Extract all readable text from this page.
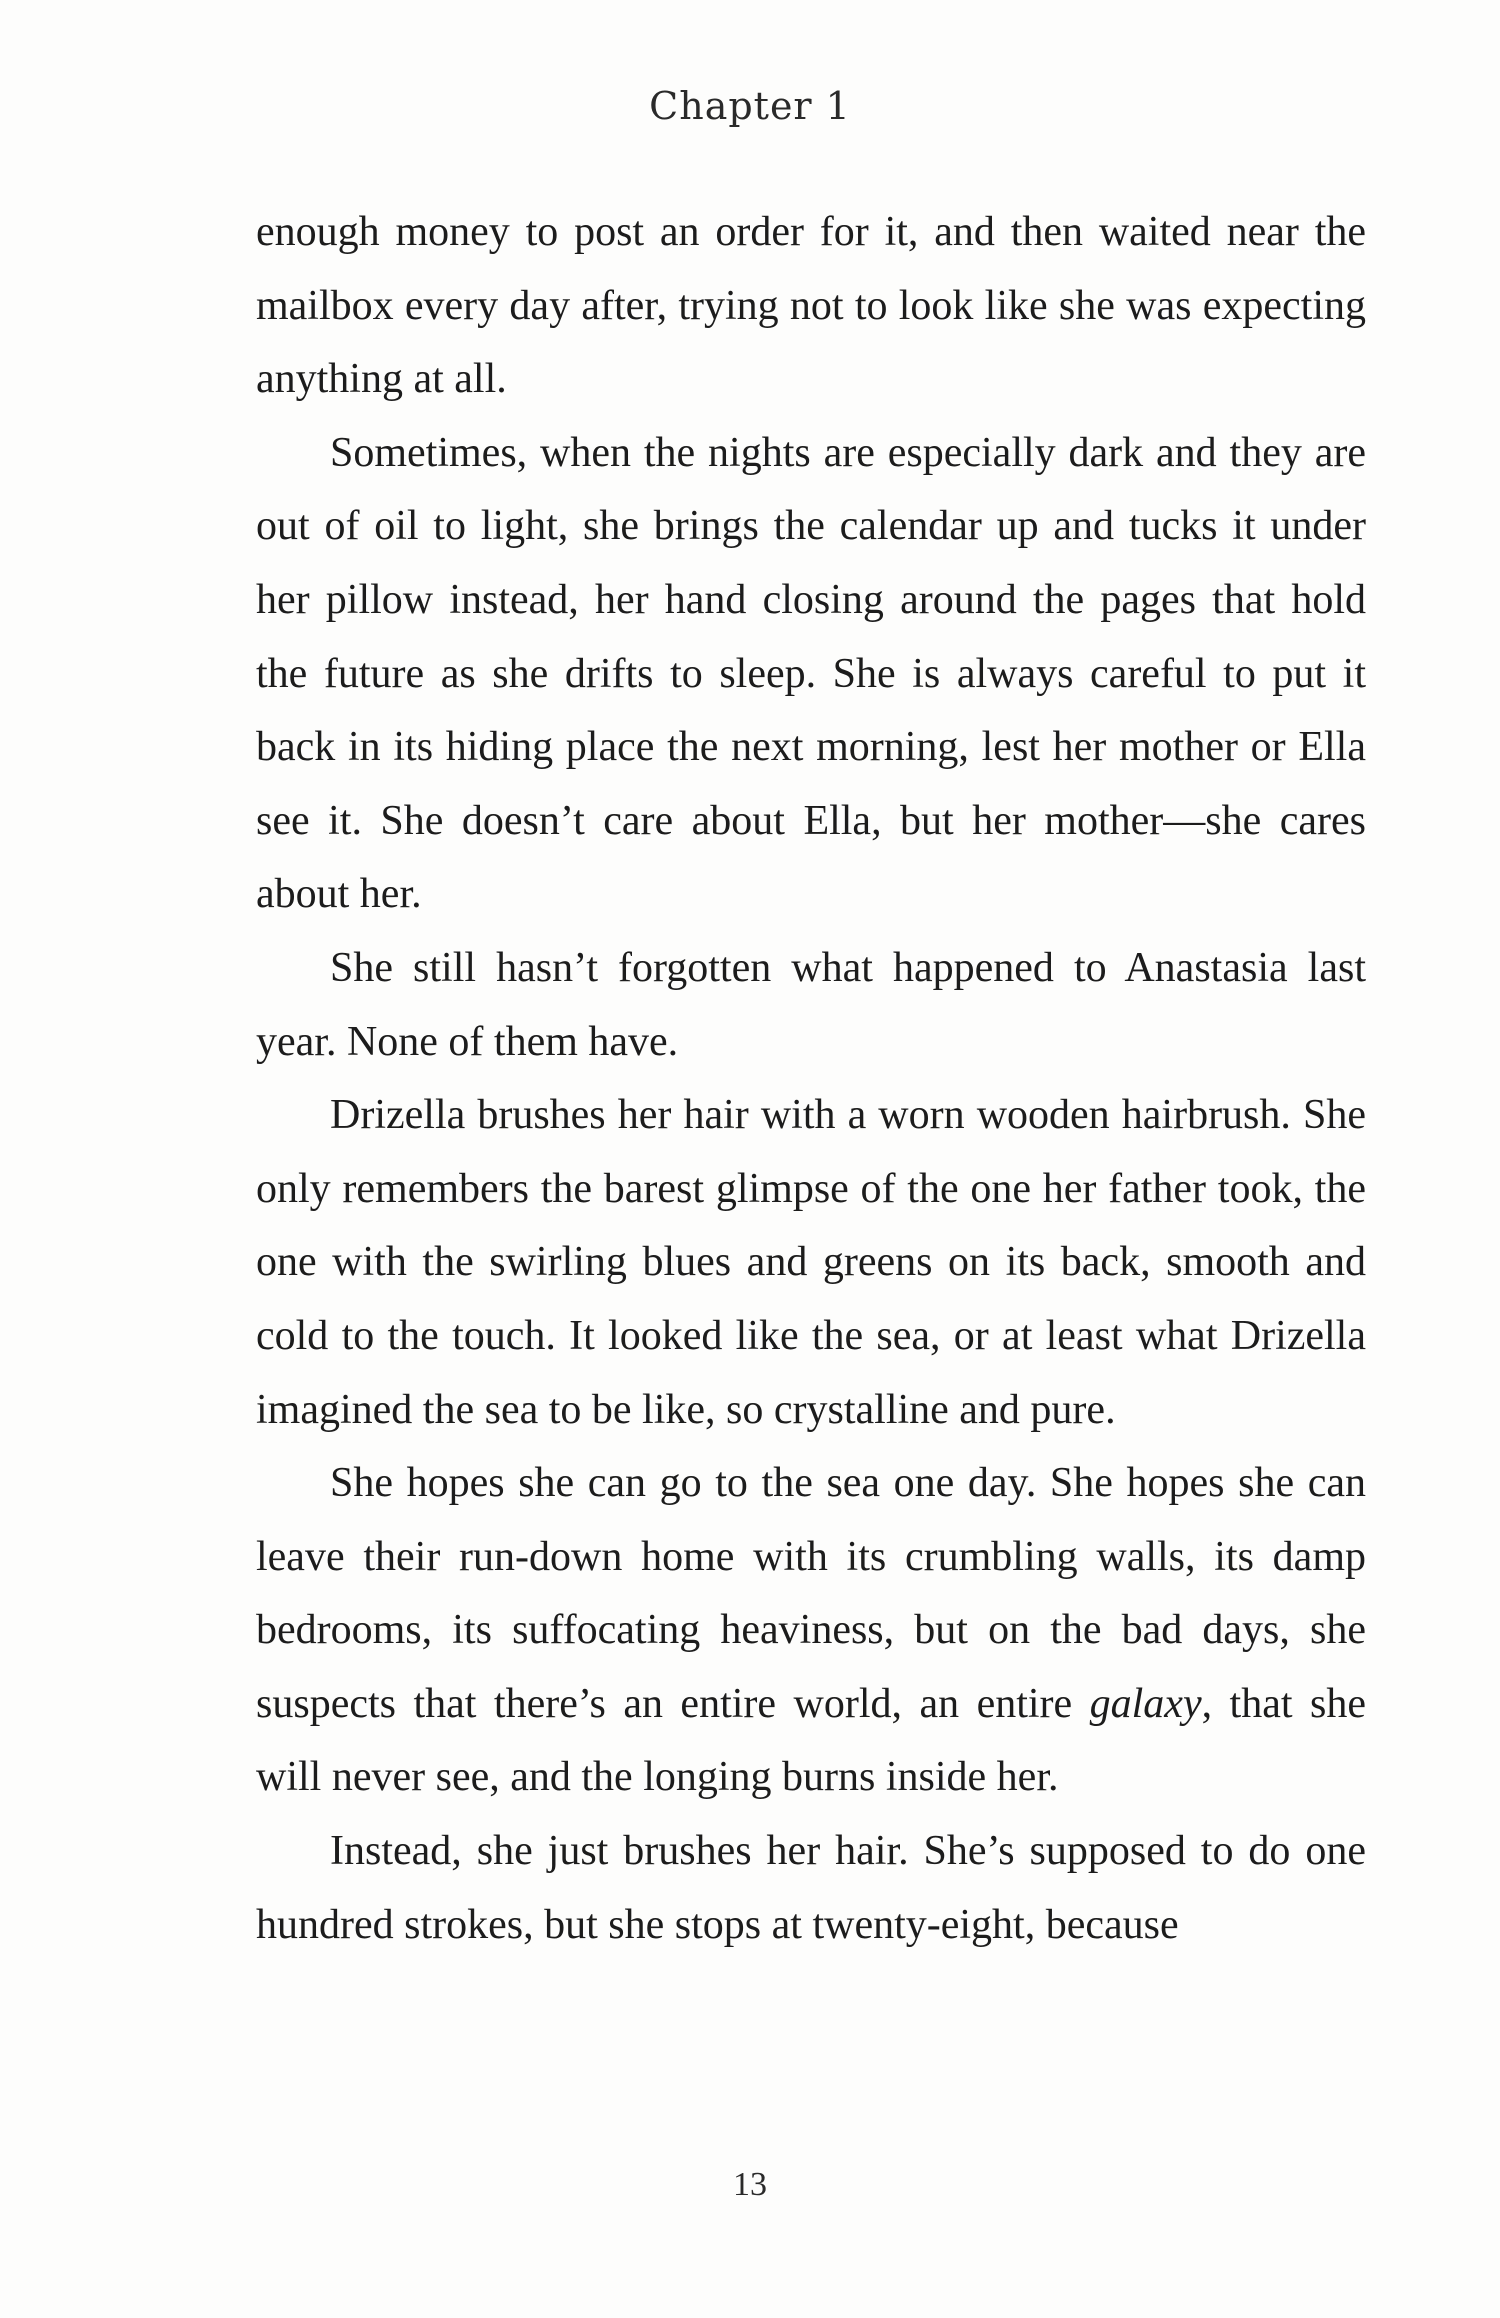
Chapter 1

enough money to post an order for it, and then waited near the mailbox every day after, trying not to look like she was expecting anything at all.

Sometimes, when the nights are especially dark and they are out of oil to light, she brings the calendar up and tucks it under her pillow instead, her hand closing around the pages that hold the future as she drifts to sleep. She is always careful to put it back in its hiding place the next morning, lest her mother or Ella see it. She doesn’t care about Ella, but her mother—she cares about her.

She still hasn’t forgotten what happened to Anastasia last year. None of them have.

Drizella brushes her hair with a worn wooden hairbrush. She only remembers the barest glimpse of the one her father took, the one with the swirling blues and greens on its back, smooth and cold to the touch. It looked like the sea, or at least what Drizella imagined the sea to be like, so crystalline and pure.

She hopes she can go to the sea one day. She hopes she can leave their run-down home with its crumbling walls, its damp bedrooms, its suffocating heaviness, but on the bad days, she suspects that there’s an entire world, an entire galaxy, that she will never see, and the longing burns inside her.

Instead, she just brushes her hair. She’s supposed to do one hundred strokes, but she stops at twenty-eight, because

13
